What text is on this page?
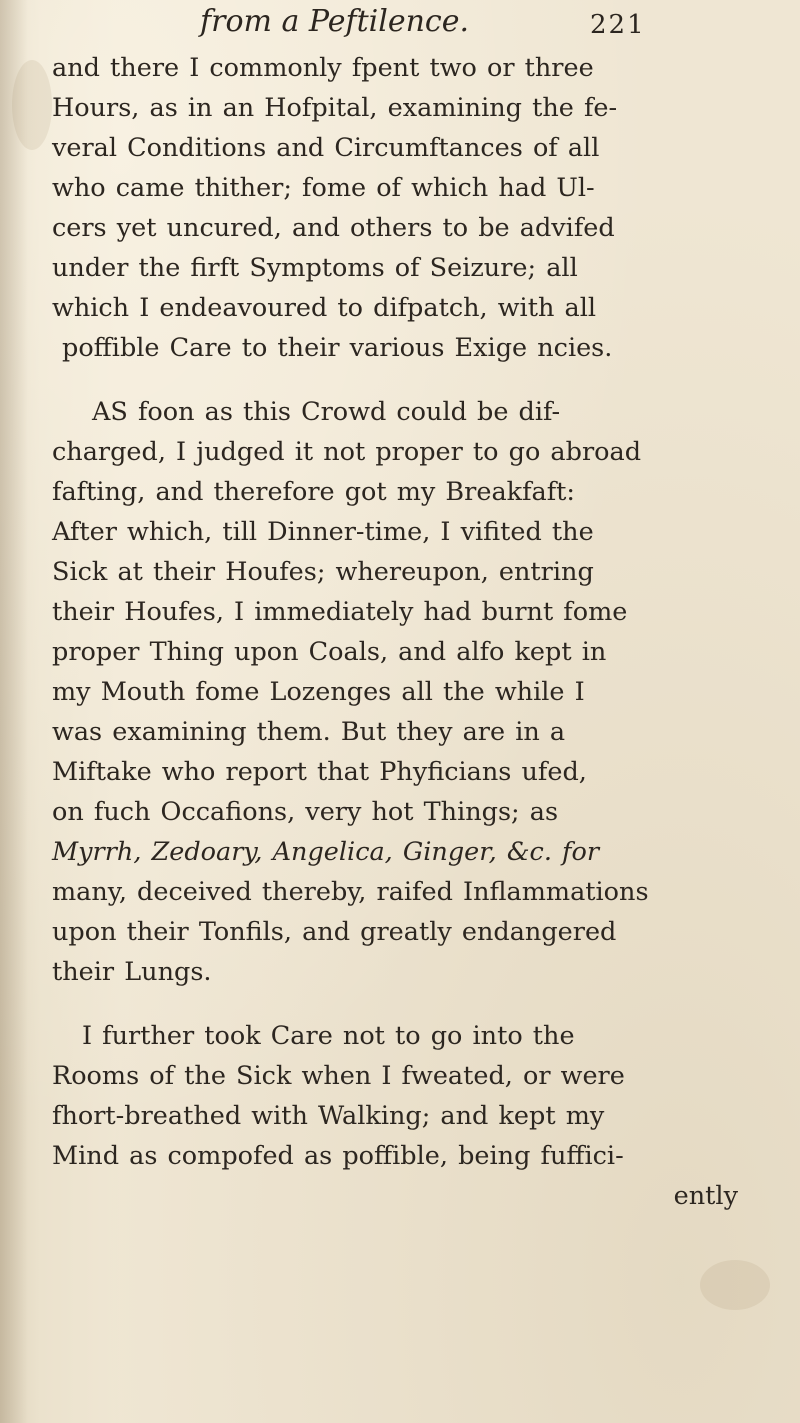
from a Peftilence.	221
and there I commonly fpent two or three
Hours, as in an Hofpital, examining the fe-
veral Conditions and Circumftances of all
who came thither; fome of which had Ul-
cers yet uncured, and others to be advifed
under the firft Symptoms of Seizure; all
which I endeavoured to difpatch, with all
poffible Care to their various Exige ncies.
AS foon as this Crowd could be dif-
charged, I judged it not proper to go abroad
fafting, and therefore got my Breakfaft:
After which, till Dinner-time, I vifited the
Sick at their Houfes; whereupon, entring
their Houfes, I immediately had burnt fome
proper Thing upon Coals, and alfo kept in
my Mouth fome Lozenges all the while I
was examining them. But they are in a
Miftake who report that Phyficians ufed,
on fuch Occafions, very hot Things; as
Myrrh, Zedoary, Angelica, Ginger, &c. for
many, deceived thereby, raifed Inflammations
upon their Tonfils, and greatly endangered
their Lungs.
I further took Care not to go into the
Rooms of the Sick when I fweated, or were
fhort-breathed with Walking; and kept my
Mind as compofed as poffible, being fuffici-
ently
